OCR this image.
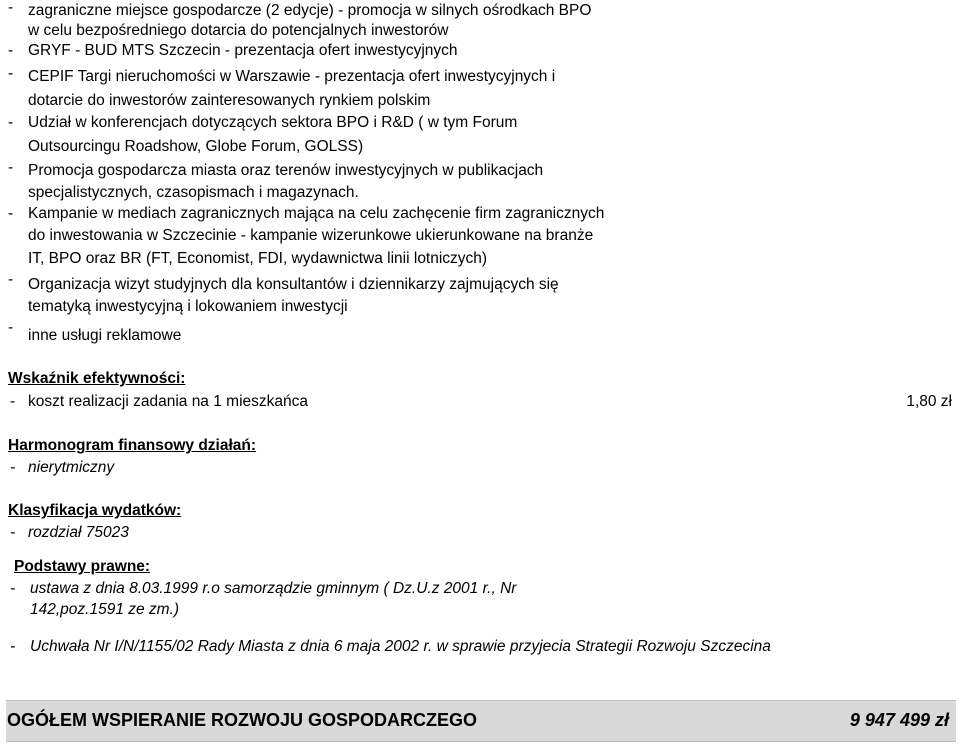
- zagraniczne miejsce gospodarcze (2 edycje) - promocja w silnych ośrodkach BPO
w celu bezpośredniego dotarcia do potencjalnych inwestorów
- GRYF - BUD MTS Szczecin - prezentacja ofert inwestycyjnych
- CEPIF Targi nieruchomości w Warszawie - prezentacja ofert inwestycyjnych i
dotarcie do inwestorów zainteresowanych rynkiem polskim
- Udział w konferencjach dotyczących sektora BPO i R&D ( w tym Forum
Outsourcingu Roadshow, Globe Forum, GOLSS)
- Promocja gospodarcza miasta oraz terenów inwestycyjnych w publikacjach
specjalistycznych, czasopismach i magazynach.
- Kampanie w mediach zagranicznych mająca na celu zachęcenie firm zagranicznych
do inwestowania w Szczecinie - kampanie wizerunkowe ukierunkowane na branże
IT, BPO oraz BR (FT, Economist, FDI, wydawnictwa linii lotniczych)
- Organizacja wizyt studyjnych dla konsultantów i dziennikarzy zajmujących się
tematyką inwestycyjną i lokowaniem inwestycji
- inne usługi reklamowe
Wskaźnik efektywności:
- koszt realizacji zadania na 1 mieszkańca	1,80 zł
Harmonogram finansowy działań:
- nierytmiczny
Klasyfikacja wydatków:
- rozdział 75023
Podstawy prawne:
- ustawa z dnia 8.03.1999 r.o samorządzie gminnym ( Dz.U.z 2001 r., Nr
142,poz.1591 ze zm.)
- Uchwała Nr I/N/1155/02 Rady Miasta z dnia 6 maja 2002 r. w sprawie przyjecia Strategii Rozwoju Szczecina
OGÓŁEM WSPIERANIE ROZWOJU GOSPODARCZEGO	9 947 499 zł
